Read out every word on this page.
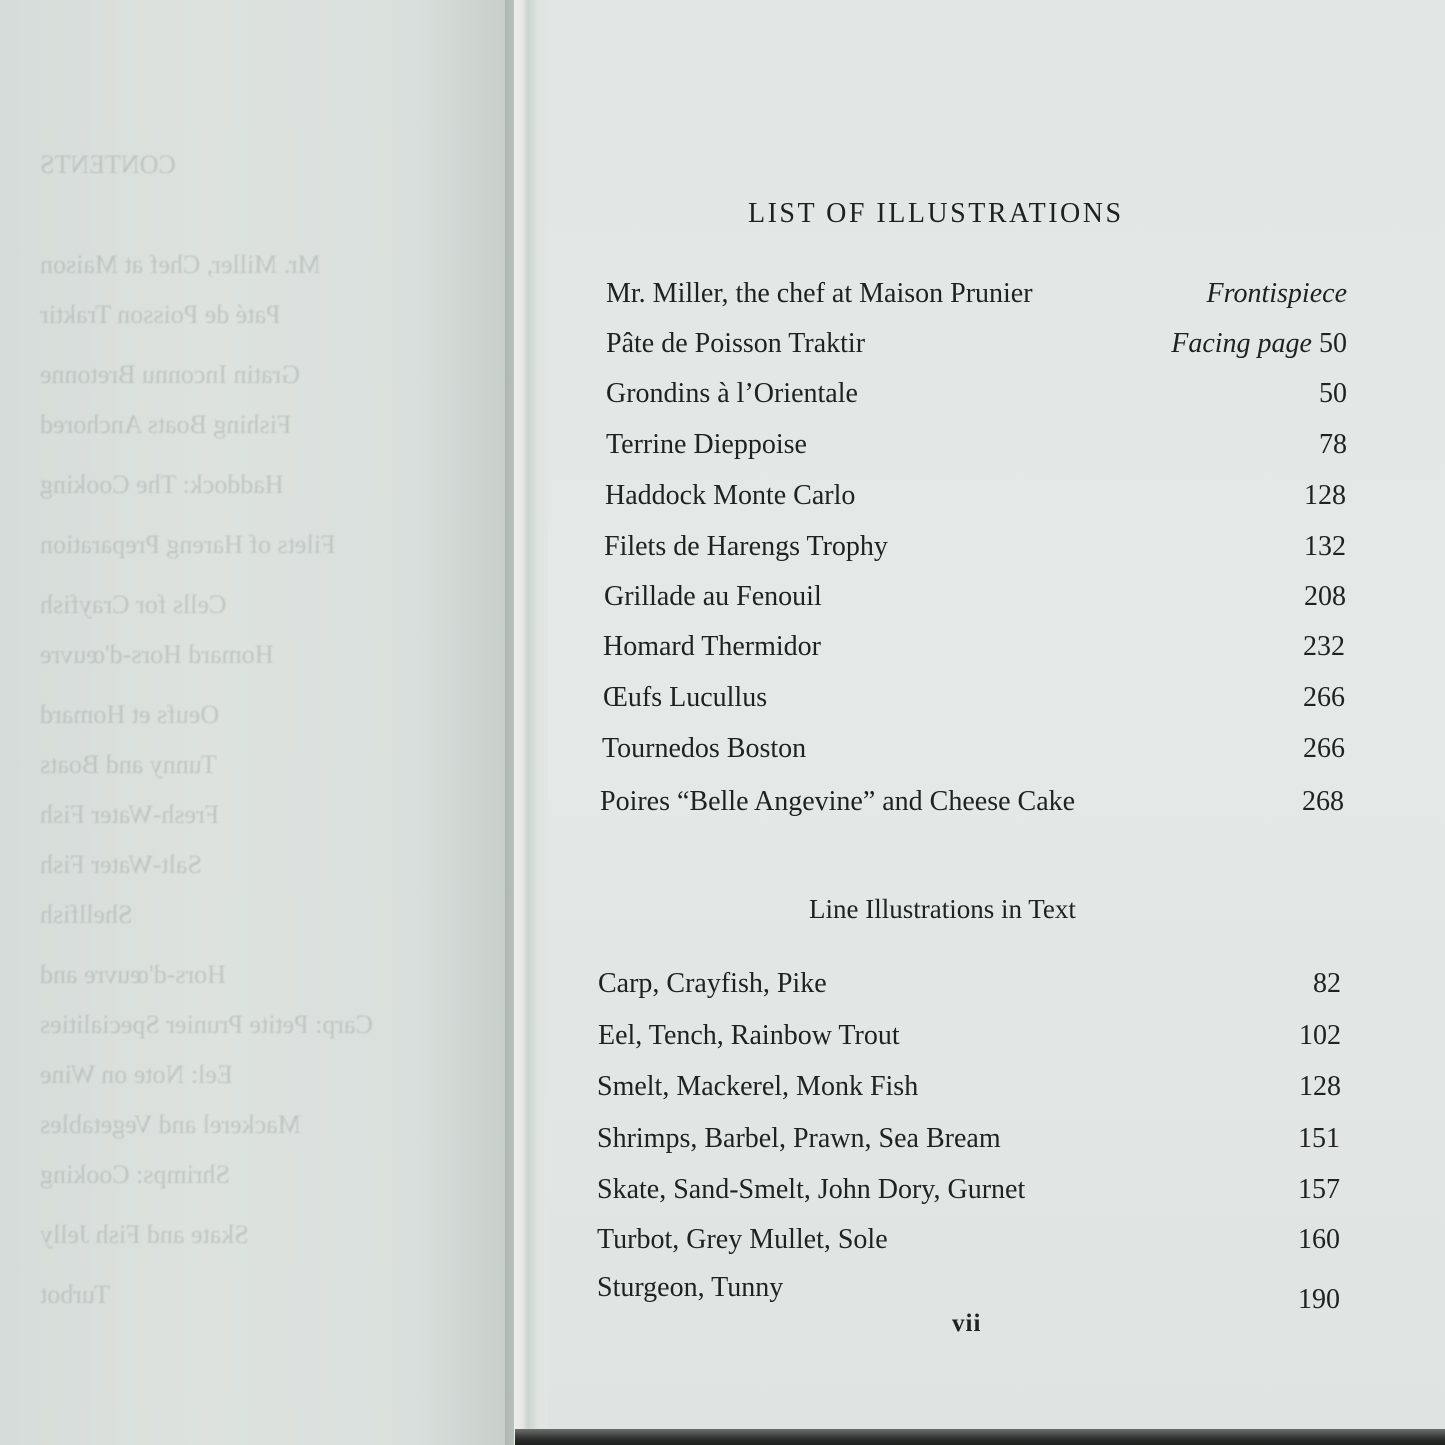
CONTENTS
Mr. Miller, Chef at Maison
Paté de Poisson Traktir
Gratin Inconnu Bretonne
Fishing Boats Anchored
Haddock: The Cooking
Filets of Hareng Preparation
Cells for Crayfish
Homard Hors-d'œuvre
Oeufs et Homard
Tunny and Boats
Fresh-Water Fish
Salt-Water Fish
Shellfish
Hors-d'œuvre and
Carp: Petite Prunier Specialities
Eel: Note on Wine
Mackerel and Vegetables
Shrimps: Cooking
Skate and Fish Jelly
Turbot
LIST OF ILLUSTRATIONS
Mr. Miller, the chef at Maison Prunier	Frontispiece
Pâte de Poisson Traktir	Facing page 50
Grondins à l’Orientale	50
Terrine Dieppoise	78
Haddock Monte Carlo	128
Filets de Harengs Trophy	132
Grillade au Fenouil	208
Homard Thermidor	232
Œufs Lucullus	266
Tournedos Boston	266
Poires “Belle Angevine” and Cheese Cake	268
Line Illustrations in Text
Carp, Crayfish, Pike	82
Eel, Tench, Rainbow Trout	102
Smelt, Mackerel, Monk Fish	128
Shrimps, Barbel, Prawn, Sea Bream	151
Skate, Sand-Smelt, John Dory, Gurnet	157
Turbot, Grey Mullet, Sole	160
Sturgeon, Tunny	190
vii
